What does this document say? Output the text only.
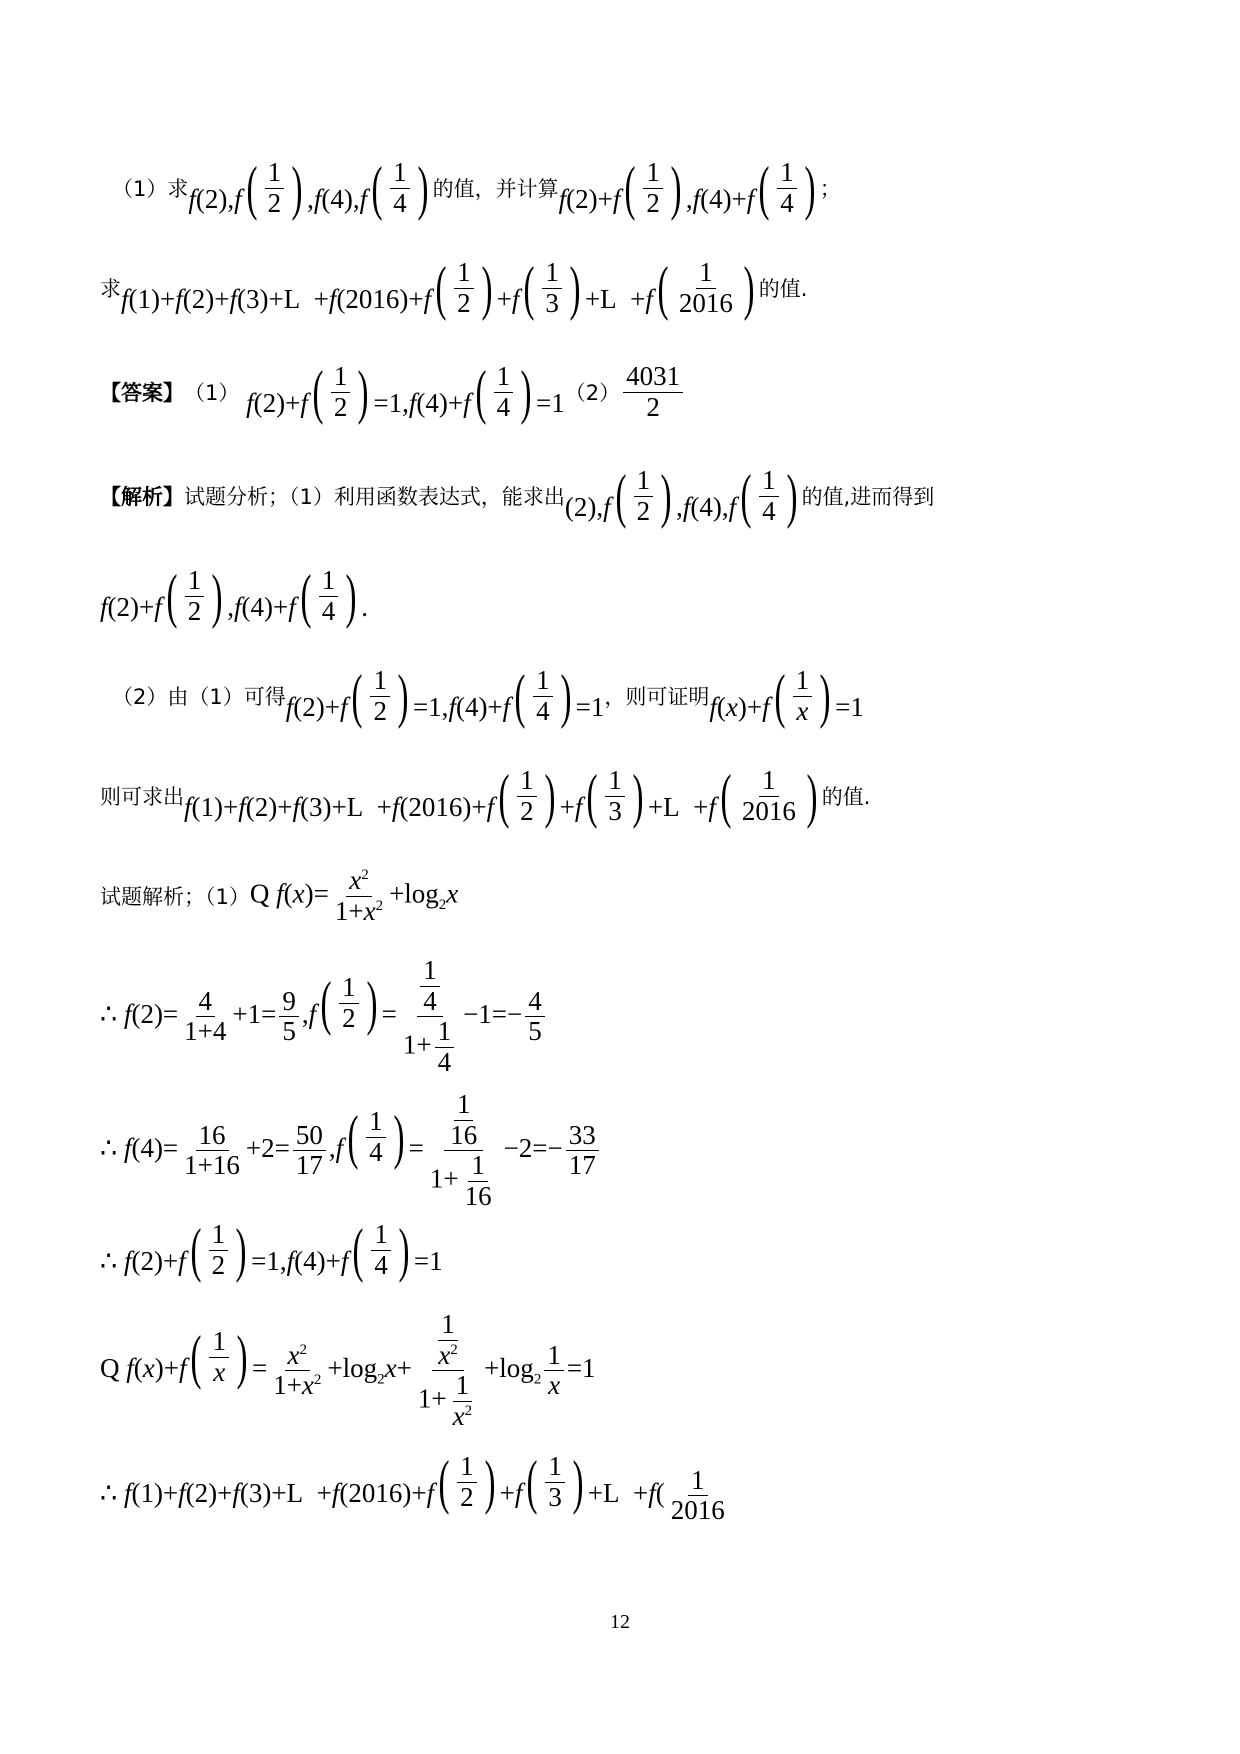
（1）求 f(2),f ( $\frac{1}{2}$ ) ,f(4),f ( $\frac{1}{4}$ ) 的值，并计算 f(2)+f ( $\frac{1}{2}$ ) ,f(4)+f ( $\frac{1}{4}$ ) ；
求 f(1)+f(2)+f(3)+L  +f(2016)+f ( $\frac{1}{2}$ ) +f ( $\frac{1}{3}$ ) +L  +f ( $\frac{1}{2016}$ ) 的值.
【答案】 （1） f(2)+f ( $\frac{1}{2}$ ) =1,f(4)+f ( $\frac{1}{4}$ ) =1 $(2) \frac{4031}{2}$
【解析】 试题分析；（1）利用函数表达式，能求出 (2),f ( $\frac{1}{2}$ ) ,f(4),f ( $\frac{1}{4}$ ) 的值,进而得到
f(2)+f ( $\frac{1}{2}$ ) ,f(4)+f ( $\frac{1}{4}$ ) .
（2）由（1）可得 f(2)+f ( $\frac{1}{2}$ ) =1,f(4)+f ( $\frac{1}{4}$ ) =1 ，则可证明 f(x)+f ( $\frac{1}{x}$ ) =1
则可求出 f(1)+f(2)+f(3)+L  +f(2016)+f ( $\frac{1}{2}$ ) +f ( $\frac{1}{3}$ ) +L  +f ( $\frac{1}{2016}$ ) 的值.
试题解析；（1） Q $f(x)= \frac{x^2}{1+x^2} +\log_2x$
∴ $f(2)= \frac{4}{1+4} +1= \frac{9}{5} ,f$ ( $\frac{1}{2}$ ) = $\frac{\frac{1}{4}}{1+ \frac{1}{4}} -1=- \frac{4}{5}$
∴ $f(4)= \frac{16}{1+16} +2= \frac{50}{17} ,f$ ( $\frac{1}{4}$ ) = $\frac{\frac{1}{16}}{1+ \frac{1}{16}} -2=- \frac{33}{17}$
∴ f(2)+f ( $\frac{1}{2}$ ) =1,f(4)+f ( $\frac{1}{4}$ ) =1
Q f(x)+f ( $\frac{1}{x}$ ) = $\frac{x^2}{1+x^2} +\log_2x+ \frac{\frac{1}{x^2}}{1+ \frac{1}{x^2}} +\log_2 \frac{1}{x} =1$
∴ f(1)+f(2)+f(3)+L  +f(2016)+f ( $\frac{1}{2}$ ) +f ( $\frac{1}{3}$ ) $+L +f( \frac{1}{2016}$
12
